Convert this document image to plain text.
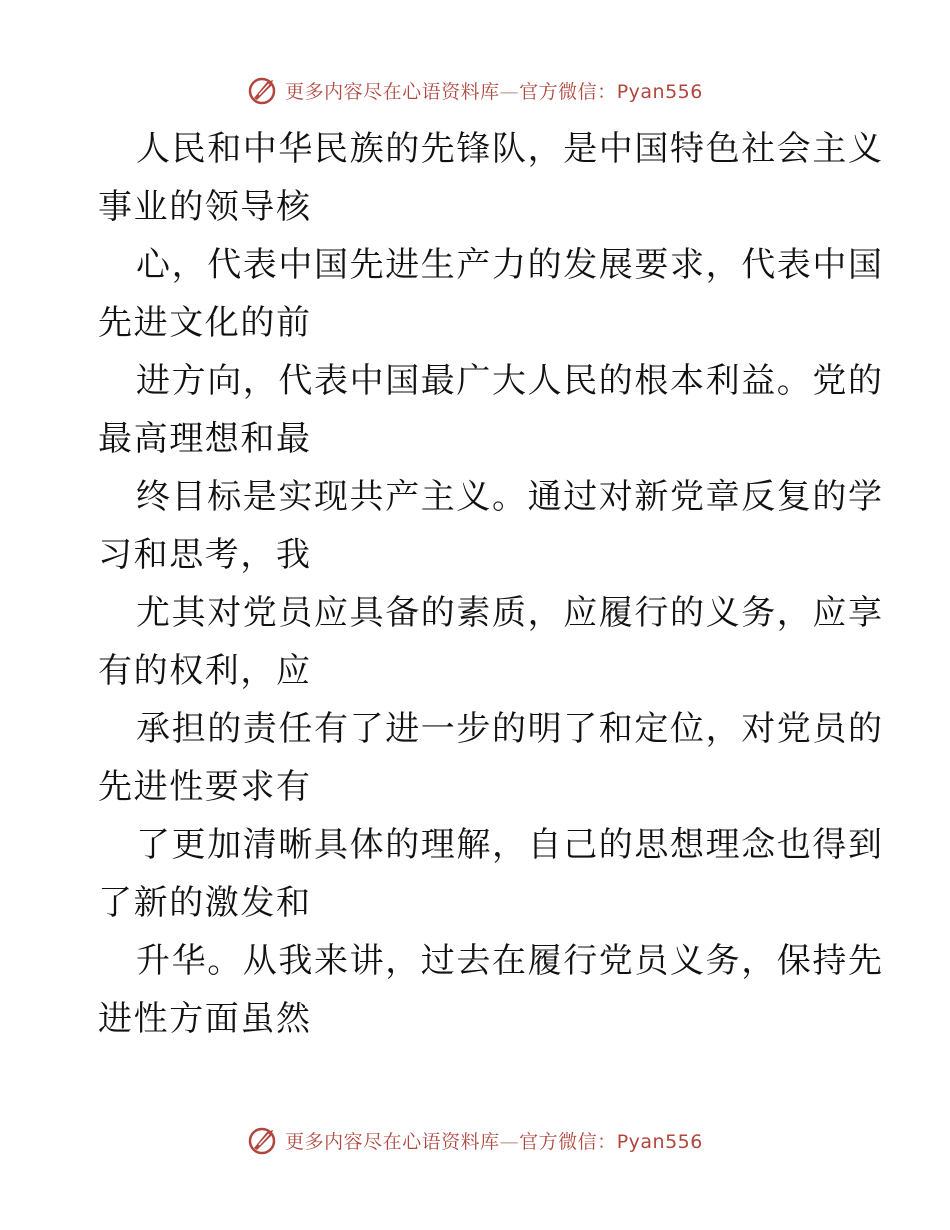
更多内容尽在心语资料库—官方微信：Pyan556

人民和中华民族的先锋队，是中国特色社会主义
事业的领导核

心，代表中国先进生产力的发展要求，代表中国
先进文化的前

进方向，代表中国最广大人民的根本利益。党的
最高理想和最

终目标是实现共产主义。通过对新党章反复的学
习和思考，我

尤其对党员应具备的素质，应履行的义务，应享
有的权利，应

承担的责任有了进一步的明了和定位，对党员的
先进性要求有

了更加清晰具体的理解，自己的思想理念也得到
了新的激发和

升华。从我来讲，过去在履行党员义务，保持先
进性方面虽然

更多内容尽在心语资料库—官方微信：Pyan556
